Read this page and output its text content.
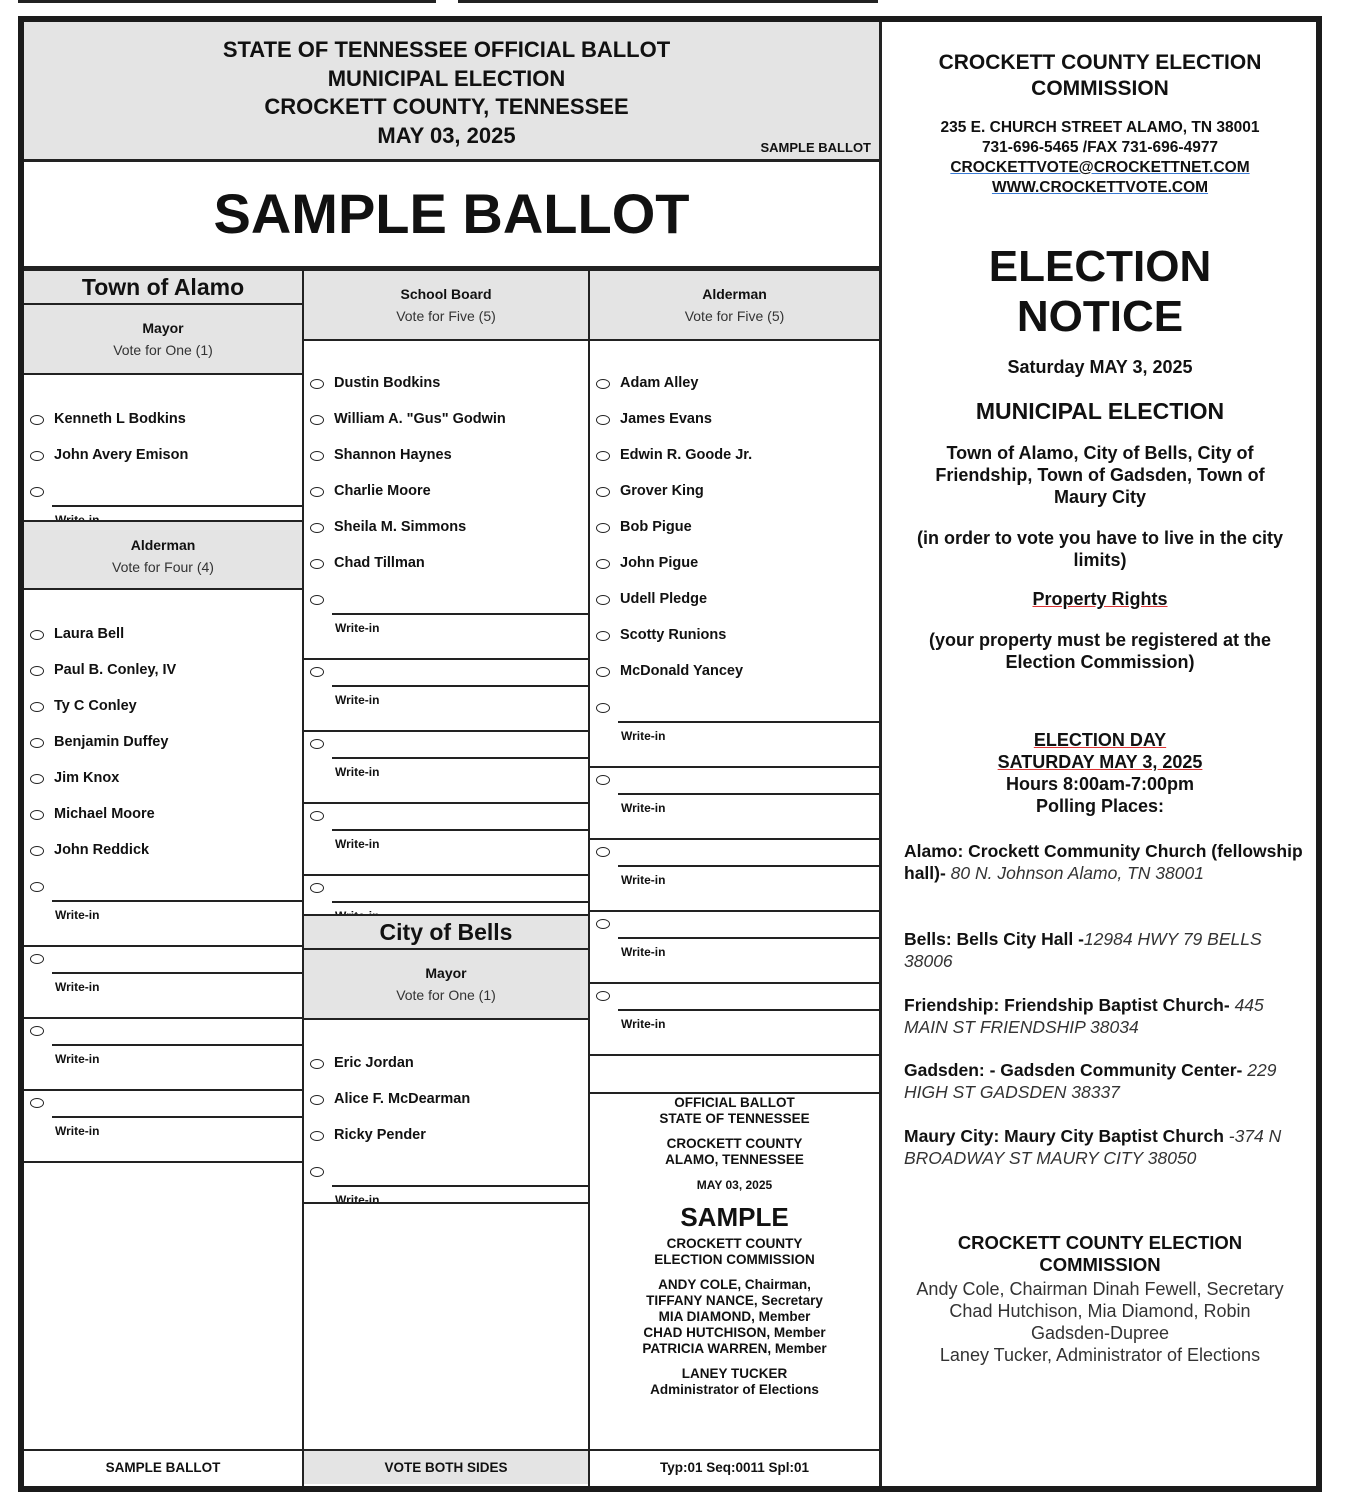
STATE OF TENNESSEE OFFICIAL BALLOT
MUNICIPAL ELECTION
CROCKETT COUNTY, TENNESSEE
MAY 03, 2025	SAMPLE BALLOT
SAMPLE BALLOT
Town of Alamo
Mayor
Vote for One (1)
Kenneth L Bodkins
John Avery Emison
Alderman
Vote for Four (4)
Laura Bell
Paul B. Conley, IV
Ty C Conley
Benjamin Duffey
Jim Knox
Michael Moore
John Reddick
Write-in
Write-in
Write-in
Write-in
SAMPLE BALLOT
School Board
Vote for Five (5)
Dustin Bodkins
William A. "Gus" Godwin
Shannon Haynes
Charlie Moore
Sheila M. Simmons
Chad Tillman
Write-in
Write-in
Write-in
Write-in
City of Bells
Mayor
Vote for One (1)
Eric Jordan
Alice F. McDearman
Ricky Pender
Write-in
VOTE BOTH SIDES
Alderman
Vote for Five (5)
Adam Alley
James Evans
Edwin R. Goode Jr.
Grover King
Bob Pigue
John Pigue
Udell Pledge
Scotty Runions
McDonald Yancey
Write-in
Write-in
Write-in
Write-in
Write-in
OFFICIAL BALLOT
STATE OF TENNESSEE
CROCKETT COUNTY
ALAMO, TENNESSEE
MAY 03, 2025
SAMPLE
CROCKETT COUNTY
ELECTION COMMISSION
ANDY COLE, Chairman,
TIFFANY NANCE, Secretary
MIA DIAMOND, Member
CHAD HUTCHISON, Member
PATRICIA WARREN, Member
LANEY TUCKER
Administrator of Elections
Typ:01 Seq:0011 Spl:01
CROCKETT COUNTY ELECTION
COMMISSION
235 E. CHURCH STREET ALAMO, TN 38001
731-696-5465 /FAX 731-696-4977
CROCKETTVOTE@CROCKETTNET.COM
WWW.CROCKETTVOTE.COM
ELECTION
NOTICE
Saturday MAY 3, 2025
MUNICIPAL ELECTION
Town of Alamo, City of Bells, City of Friendship, Town of Gadsden, Town of Maury City
(in order to vote you have to live in the city limits)
Property Rights
(your property must be registered at the Election Commission)
ELECTION DAY
SATURDAY MAY 3, 2025
Hours 8:00am-7:00pm
Polling Places:
Alamo: Crockett Community Church (fellowship hall)- 80 N. Johnson Alamo, TN 38001
Bells: Bells City Hall -12984 HWY 79 BELLS 38006
Friendship: Friendship Baptist Church- 445 MAIN ST FRIENDSHIP 38034
Gadsden: - Gadsden Community Center- 229 HIGH ST GADSDEN 38337
Maury City: Maury City Baptist Church -374 N BROADWAY ST MAURY CITY 38050
CROCKETT COUNTY ELECTION
COMMISSION
Andy Cole, Chairman Dinah Fewell, Secretary
Chad Hutchison, Mia Diamond, Robin Gadsden-Dupree
Laney Tucker, Administrator of Elections
